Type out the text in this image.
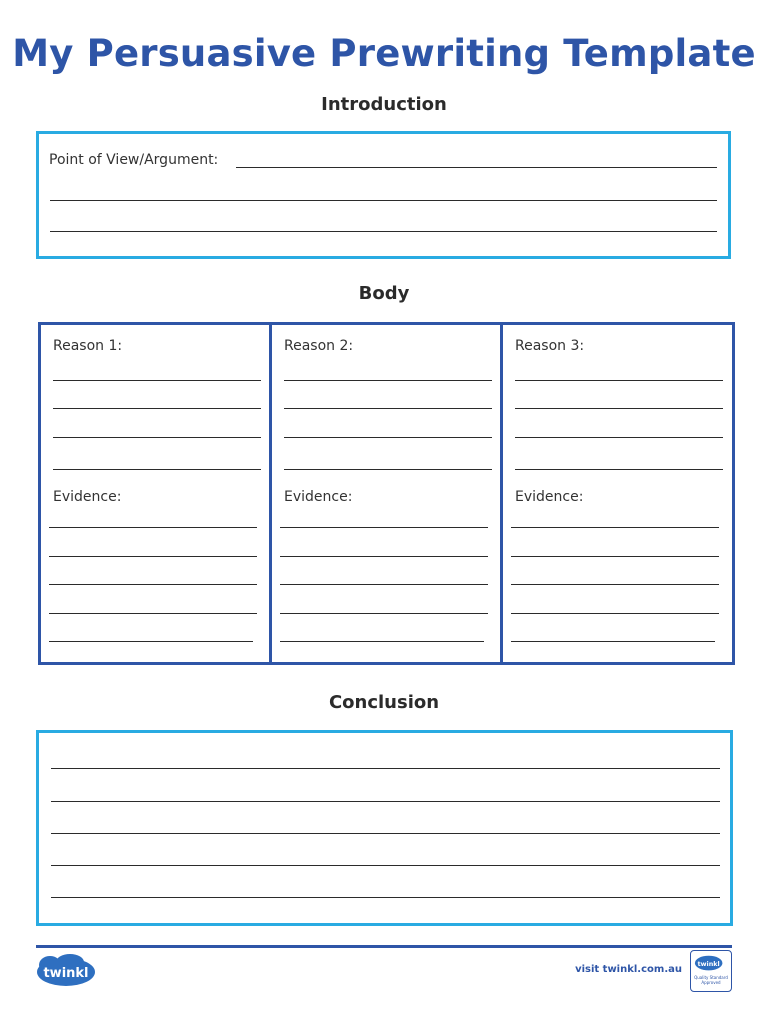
My Persuasive Prewriting Template
Introduction
Point of View/Argument:
Body
Reason 1:
Evidence:
Reason 2:
Evidence:
Reason 3:
Evidence:
Conclusion
twinkl	visit twinkl.com.au
twinkl
Quality Standard Approved
